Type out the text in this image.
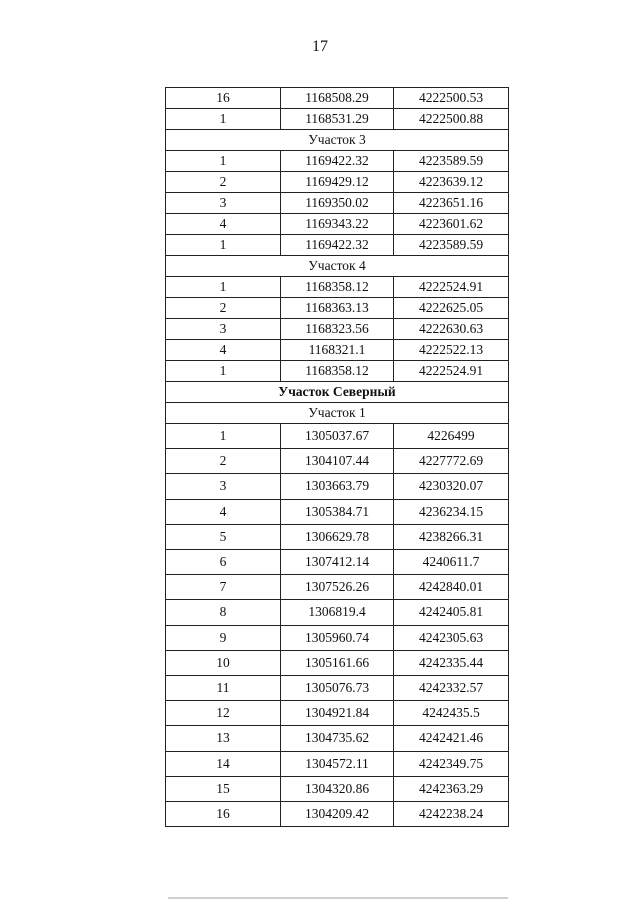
17
16	1168508.29	4222500.53
1	1168531.29	4222500.88
Участок 3		
1	1169422.32	4223589.59
2	1169429.12	4223639.12
3	1169350.02	4223651.16
4	1169343.22	4223601.62
1	1169422.32	4223589.59
Участок 4		
1	1168358.12	4222524.91
2	1168363.13	4222625.05
3	1168323.56	4222630.63
4	1168321.1	4222522.13
1	1168358.12	4222524.91
Участок Северный		
Участок 1		
1	1305037.67	4226499
2	1304107.44	4227772.69
3	1303663.79	4230320.07
4	1305384.71	4236234.15
5	1306629.78	4238266.31
6	1307412.14	4240611.7
7	1307526.26	4242840.01
8	1306819.4	4242405.81
9	1305960.74	4242305.63
10	1305161.66	4242335.44
11	1305076.73	4242332.57
12	1304921.84	4242435.5
13	1304735.62	4242421.46
14	1304572.11	4242349.75
15	1304320.86	4242363.29
16	1304209.42	4242238.24
